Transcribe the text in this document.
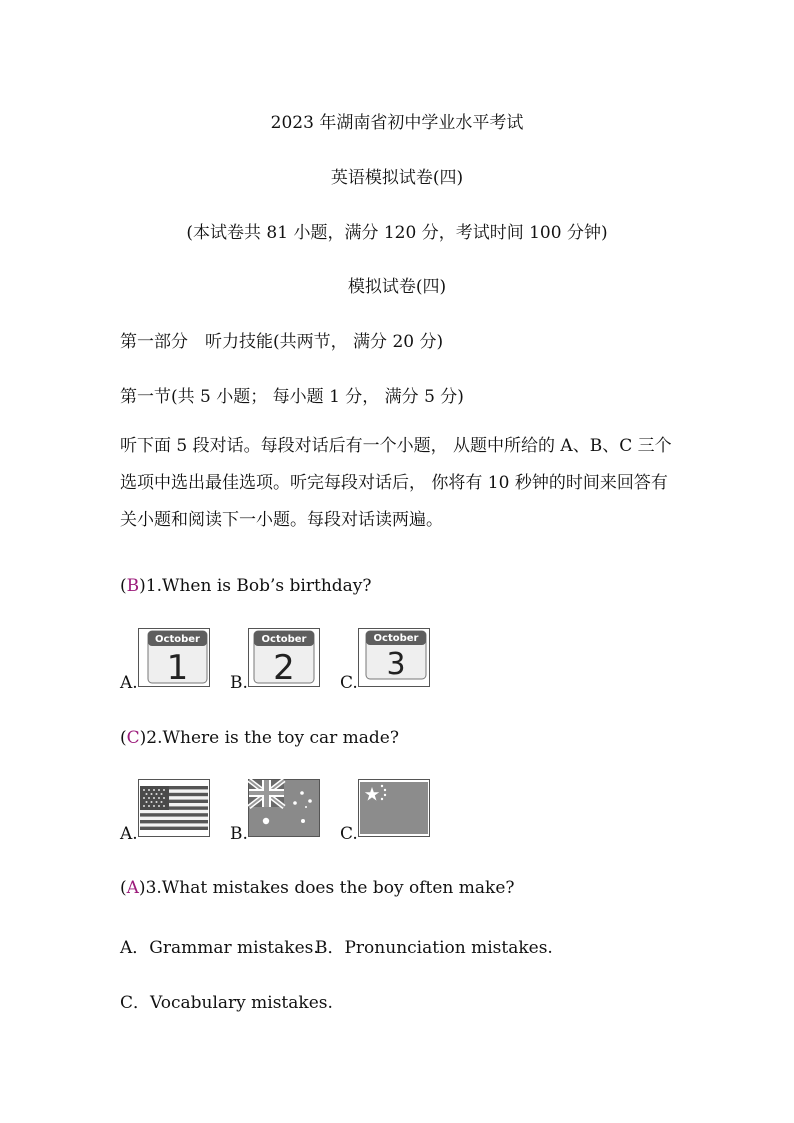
2023 年湖南省初中学业水平考试
英语模拟试卷(四)
(本试卷共 81 小题，满分 120 分，考试时间 100 分钟)
模拟试卷(四)
第一部分　听力技能(共两节， 满分 20 分)
第一节(共 5 小题； 每小题 1 分， 满分 5 分)
听下面 5 段对话。每段对话后有一个小题， 从题中所给的 A、B、C 三个选项中选出最佳选项。听完每段对话后， 你将有 10 秒钟的时间来回答有关小题和阅读下一小题。每段对话读两遍。
(B)1.When is Bob’s birthday?
A.
October
1 B.
October
2	C.
October
3
(C)2.Where is the toy car made?
A.	B.	C.
(A)3.What mistakes does the boy often make?
A．Grammar mistakes.
B．Pronunciation mistakes.
C．Vocabulary mistakes.
